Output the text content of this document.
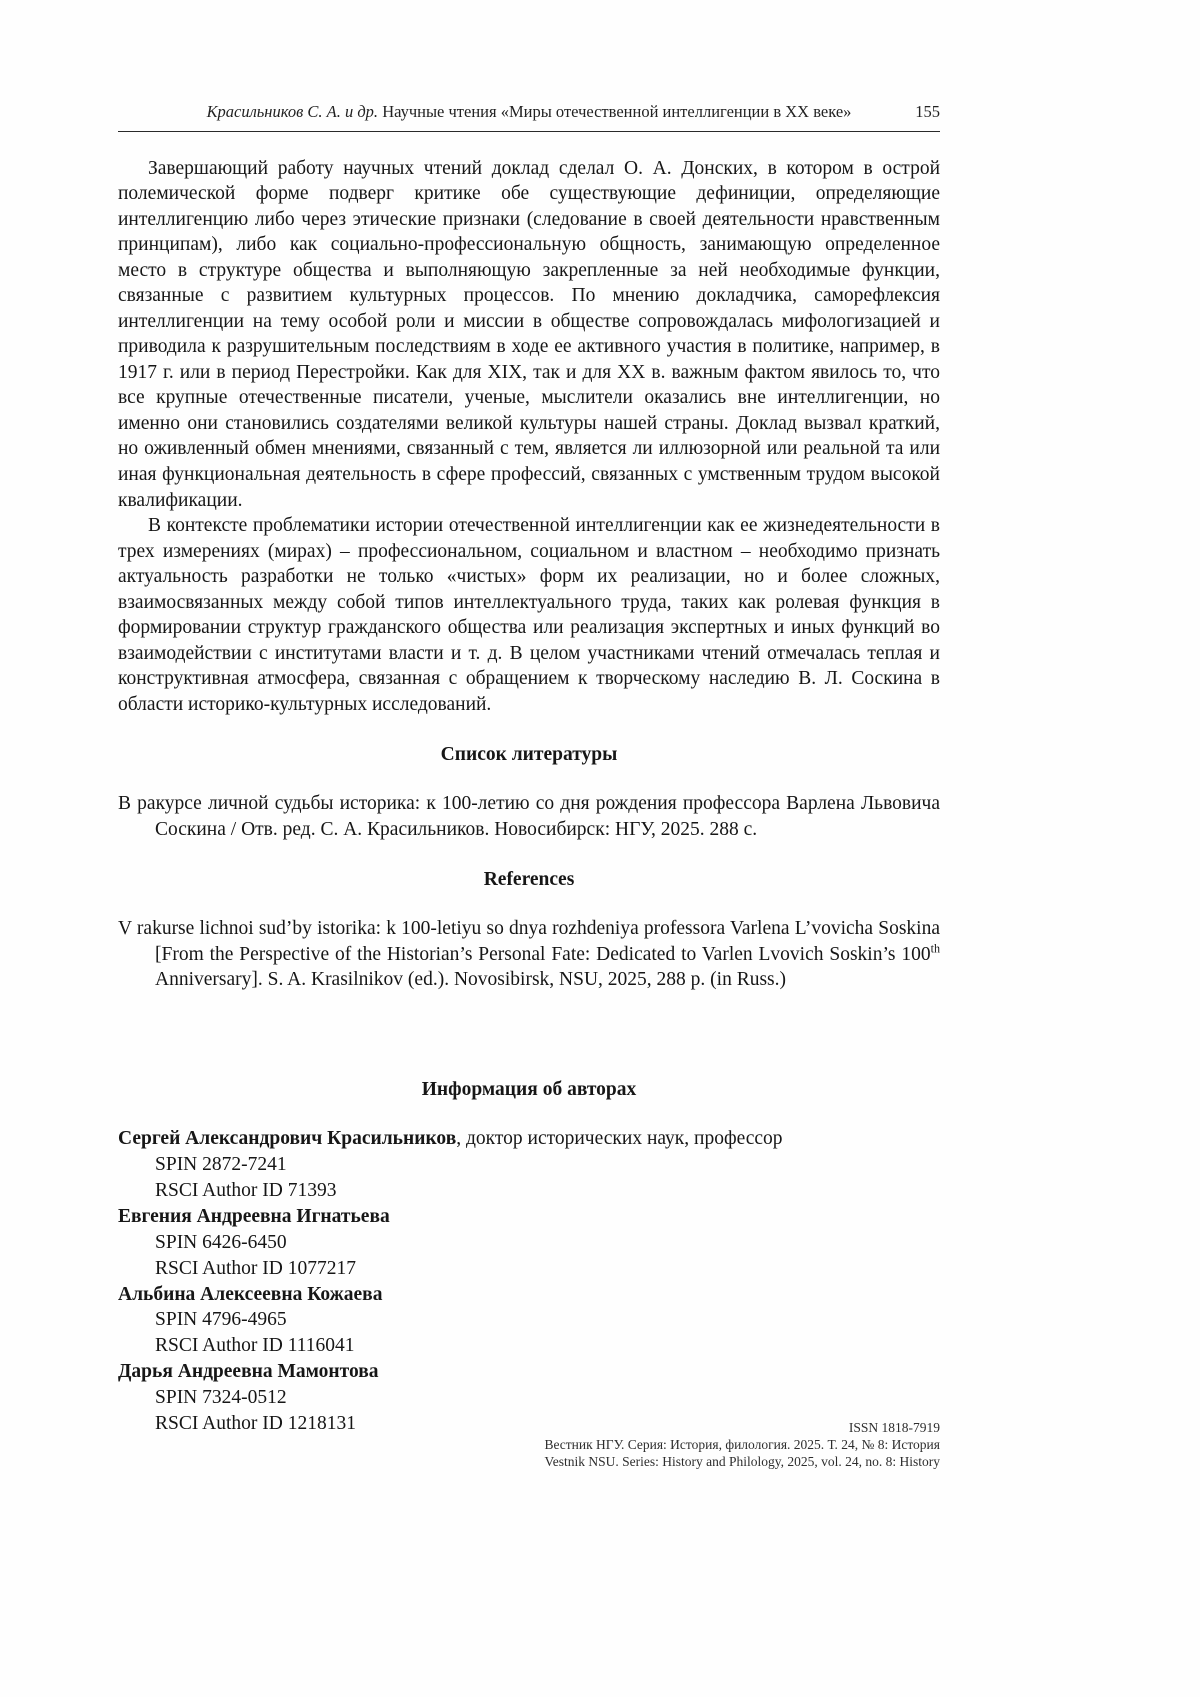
Красильников С. А. и др. Научные чтения «Миры отечественной интеллигенции в XX веке»	155

Завершающий работу научных чтений доклад сделал О. А. Донских, в котором в острой полемической форме подверг критике обе существующие дефиниции, определяющие интеллигенцию либо через этические признаки (следование в своей деятельности нравственным принципам), либо как социально-профессиональную общность, занимающую определенное место в структуре общества и выполняющую закрепленные за ней необходимые функции, связанные с развитием культурных процессов. По мнению докладчика, саморефлексия интеллигенции на тему особой роли и миссии в обществе сопровождалась мифологизацией и приводила к разрушительным последствиям в ходе ее активного участия в политике, например, в 1917 г. или в период Перестройки. Как для XIX, так и для XX в. важным фактом явилось то, что все крупные отечественные писатели, ученые, мыслители оказались вне интеллигенции, но именно они становились создателями великой культуры нашей страны. Доклад вызвал краткий, но оживленный обмен мнениями, связанный с тем, является ли иллюзорной или реальной та или иная функциональная деятельность в сфере профессий, связанных с умственным трудом высокой квалификации.

В контексте проблематики истории отечественной интеллигенции как ее жизнедеятельности в трех измерениях (мирах) – профессиональном, социальном и властном – необходимо признать актуальность разработки не только «чистых» форм их реализации, но и более сложных, взаимосвязанных между собой типов интеллектуального труда, таких как ролевая функция в формировании структур гражданского общества или реализация экспертных и иных функций во взаимодействии с институтами власти и т. д. В целом участниками чтений отмечалась теплая и конструктивная атмосфера, связанная с обращением к творческому наследию В. Л. Соскина в области историко-культурных исследований.

Список литературы

В ракурсе личной судьбы историка: к 100-летию со дня рождения профессора Варлена Львовича Соскина / Отв. ред. С. А. Красильников. Новосибирск: НГУ, 2025. 288 с.

References

V rakurse lichnoi sud’by istorika: k 100-letiyu so dnya rozhdeniya professora Varlena L’vovicha Soskina [From the Perspective of the Historian’s Personal Fate: Dedicated to Varlen Lvovich Soskin’s 100th Anniversary]. S. A. Krasilnikov (ed.). Novosibirsk, NSU, 2025, 288 p. (in Russ.)

Информация об авторах
Сергей Александрович Красильников, доктор исторических наук, профессор
SPIN 2872-7241
RSCI Author ID 71393
Евгения Андреевна Игнатьева
SPIN 6426-6450
RSCI Author ID 1077217
Альбина Алексеевна Кожаева
SPIN 4796-4965
RSCI Author ID 1116041
Дарья Андреевна Мамонтова
SPIN 7324-0512
RSCI Author ID 1218131	ISSN 1818-7919
Вестник НГУ. Серия: История, филология. 2025. Т. 24, № 8: История
Vestnik NSU. Series: History and Philology, 2025, vol. 24, no. 8: History
